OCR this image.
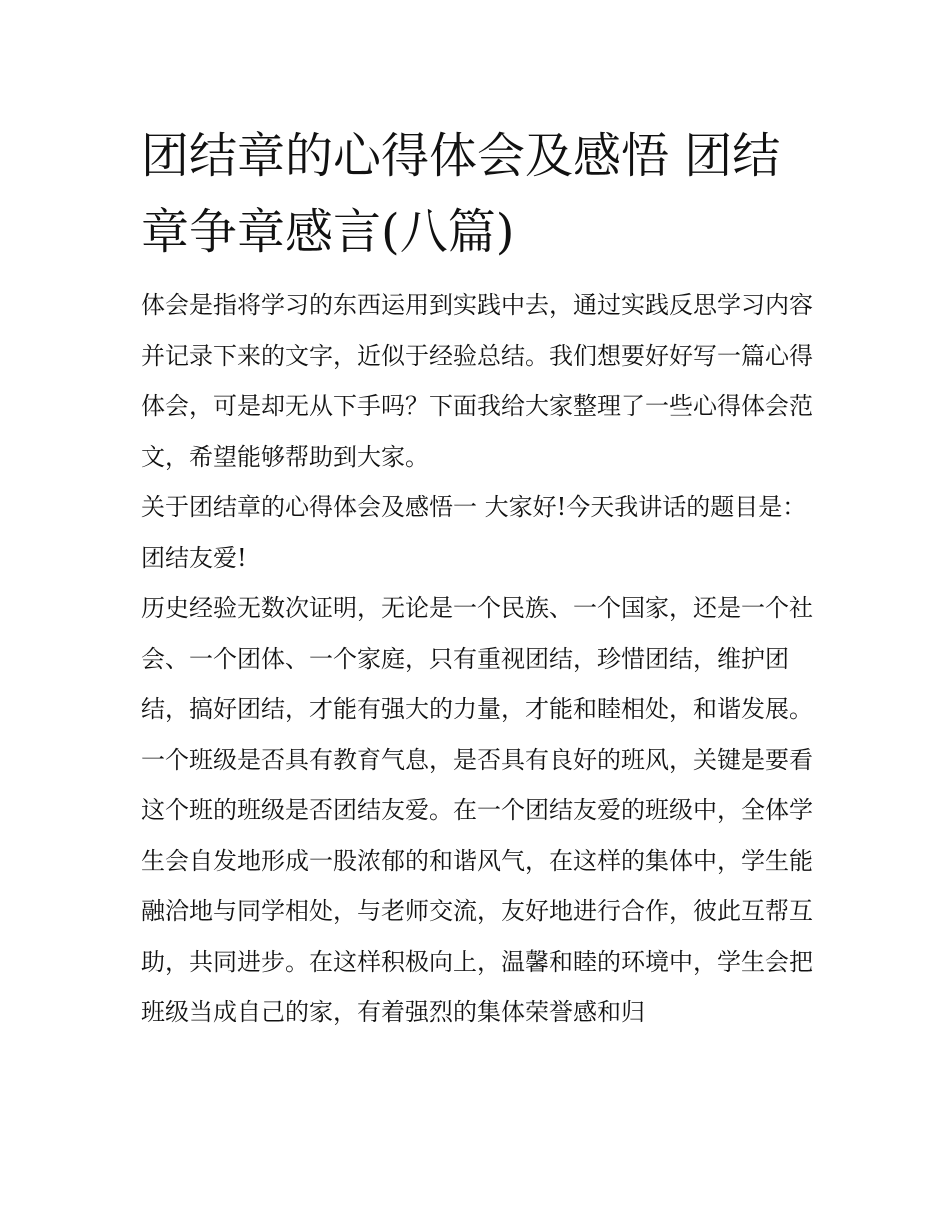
团结章的心得体会及感悟 团结章争章感言(八篇)

体会是指将学习的东西运用到实践中去，通过实践反思学习内容并记录下来的文字，近似于经验总结。我们想要好好写一篇心得体会，可是却无从下手吗？下面我给大家整理了一些心得体会范文，希望能够帮助到大家。

关于团结章的心得体会及感悟一 大家好!今天我讲话的题目是：团结友爱!

历史经验无数次证明，无论是一个民族、一个国家，还是一个社会、一个团体、一个家庭，只有重视团结，珍惜团结，维护团结，搞好团结，才能有强大的力量，才能和睦相处，和谐发展。

一个班级是否具有教育气息，是否具有良好的班风，关键是要看这个班的班级是否团结友爱。在一个团结友爱的班级中，全体学生会自发地形成一股浓郁的和谐风气，在这样的集体中，学生能融洽地与同学相处，与老师交流，友好地进行合作，彼此互帮互助，共同进步。在这样积极向上，温馨和睦的环境中，学生会把班级当成自己的家，有着强烈的集体荣誉感和归
